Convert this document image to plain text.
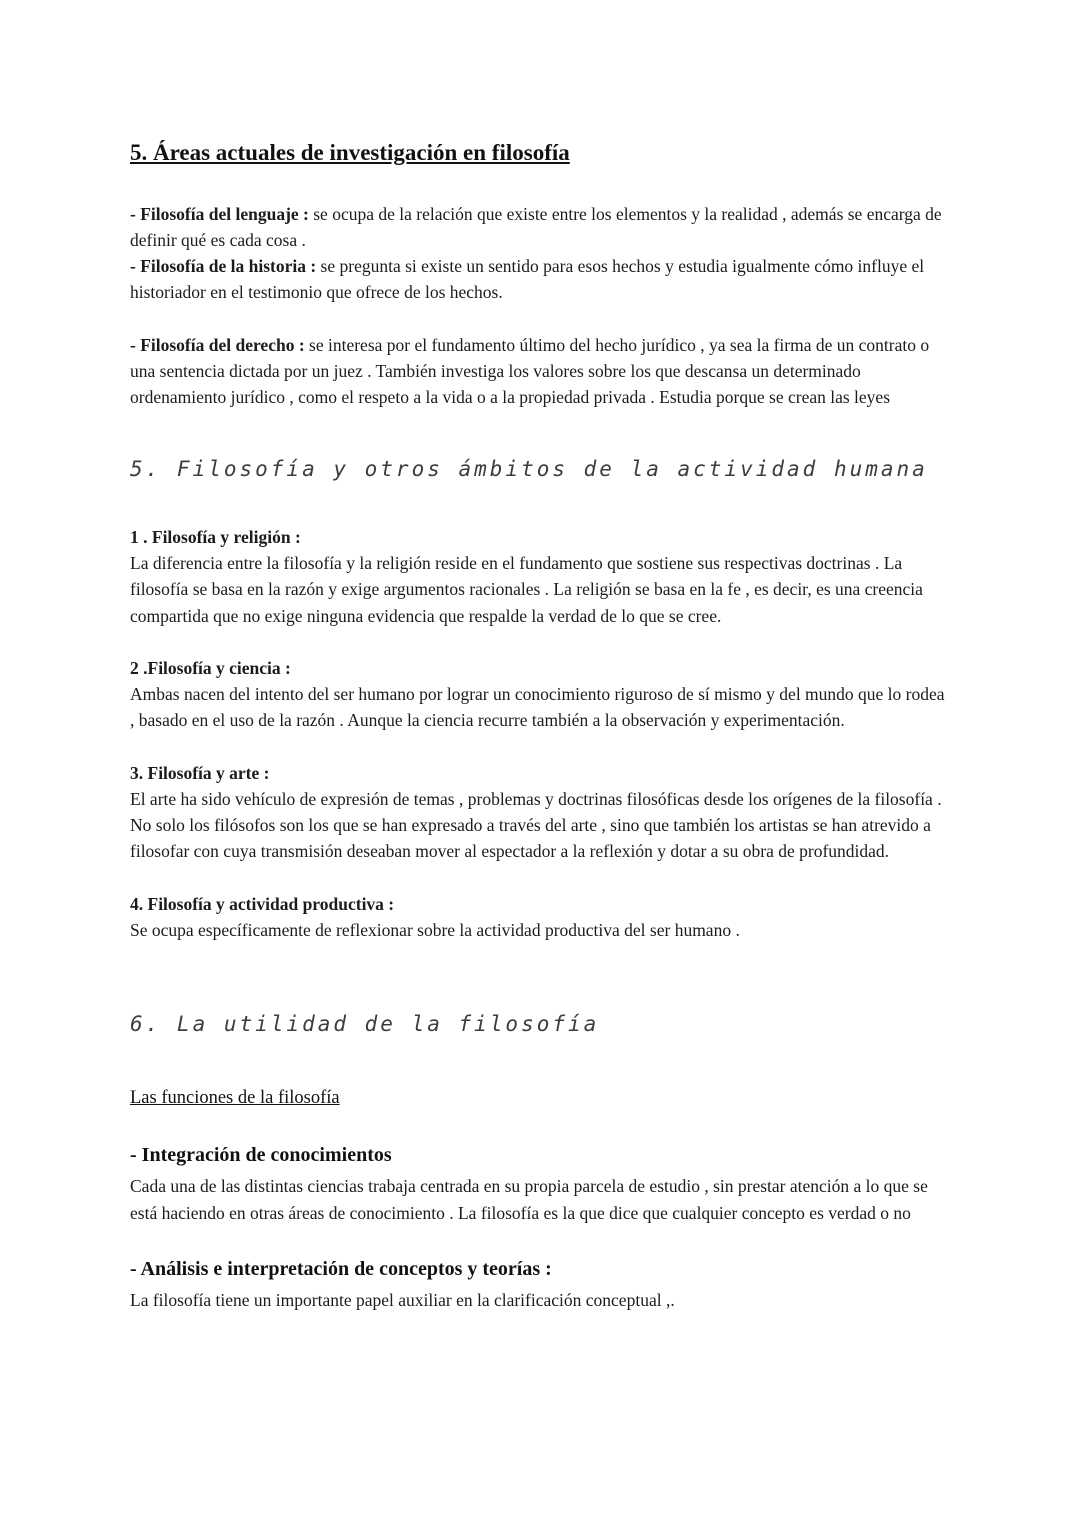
5. Áreas actuales de investigación en filosofía

- Filosofía del lenguaje : se ocupa de la relación que existe entre los elementos y la realidad , además se encarga de definir qué es cada cosa .

- Filosofía de la historia : se pregunta si existe un sentido para esos hechos y estudia igualmente cómo influye el historiador en el testimonio que ofrece de los hechos.

- Filosofía del derecho : se interesa por el fundamento último del hecho jurídico , ya sea la firma de un contrato o una sentencia dictada por un juez . También investiga los valores sobre los que descansa un determinado ordenamiento jurídico , como el respeto a la vida o a la propiedad privada . Estudia porque se crean las leyes

5. Filosofía y otros ámbitos de la actividad humana

1 . Filosofía y religión :

La diferencia entre la filosofía y la religión reside en el fundamento que sostiene sus respectivas doctrinas . La filosofía se basa en la razón y exige argumentos racionales . La religión se basa en la fe , es decir, es una creencia compartida que no exige ninguna evidencia que respalde la verdad de lo que se cree.

2 .Filosofía y ciencia :

Ambas nacen del intento del ser humano por lograr un conocimiento riguroso de sí mismo y del mundo que lo rodea , basado en el uso de la razón . Aunque la ciencia recurre también a la observación y experimentación.

3. Filosofía y arte :

El arte ha sido vehículo de expresión de temas , problemas y doctrinas filosóficas desde los orígenes de la filosofía . No solo los filósofos son los que se han expresado a través del arte , sino que también los artistas se han atrevido a filosofar con cuya transmisión deseaban mover al espectador a la reflexión y dotar a su obra de profundidad.

4. Filosofía y actividad productiva :

Se ocupa específicamente de reflexionar sobre la actividad productiva del ser humano .

6. La utilidad de la filosofía
Las funciones de la filosofía

- Integración de conocimientos

Cada una de las distintas ciencias trabaja centrada en su propia parcela de estudio , sin prestar atención a lo que se está haciendo en otras áreas de conocimiento . La filosofía es la que dice que cualquier concepto es verdad o no

- Análisis e interpretación de conceptos y teorías :

La filosofía tiene un importante papel auxiliar en la clarificación conceptual ,.
